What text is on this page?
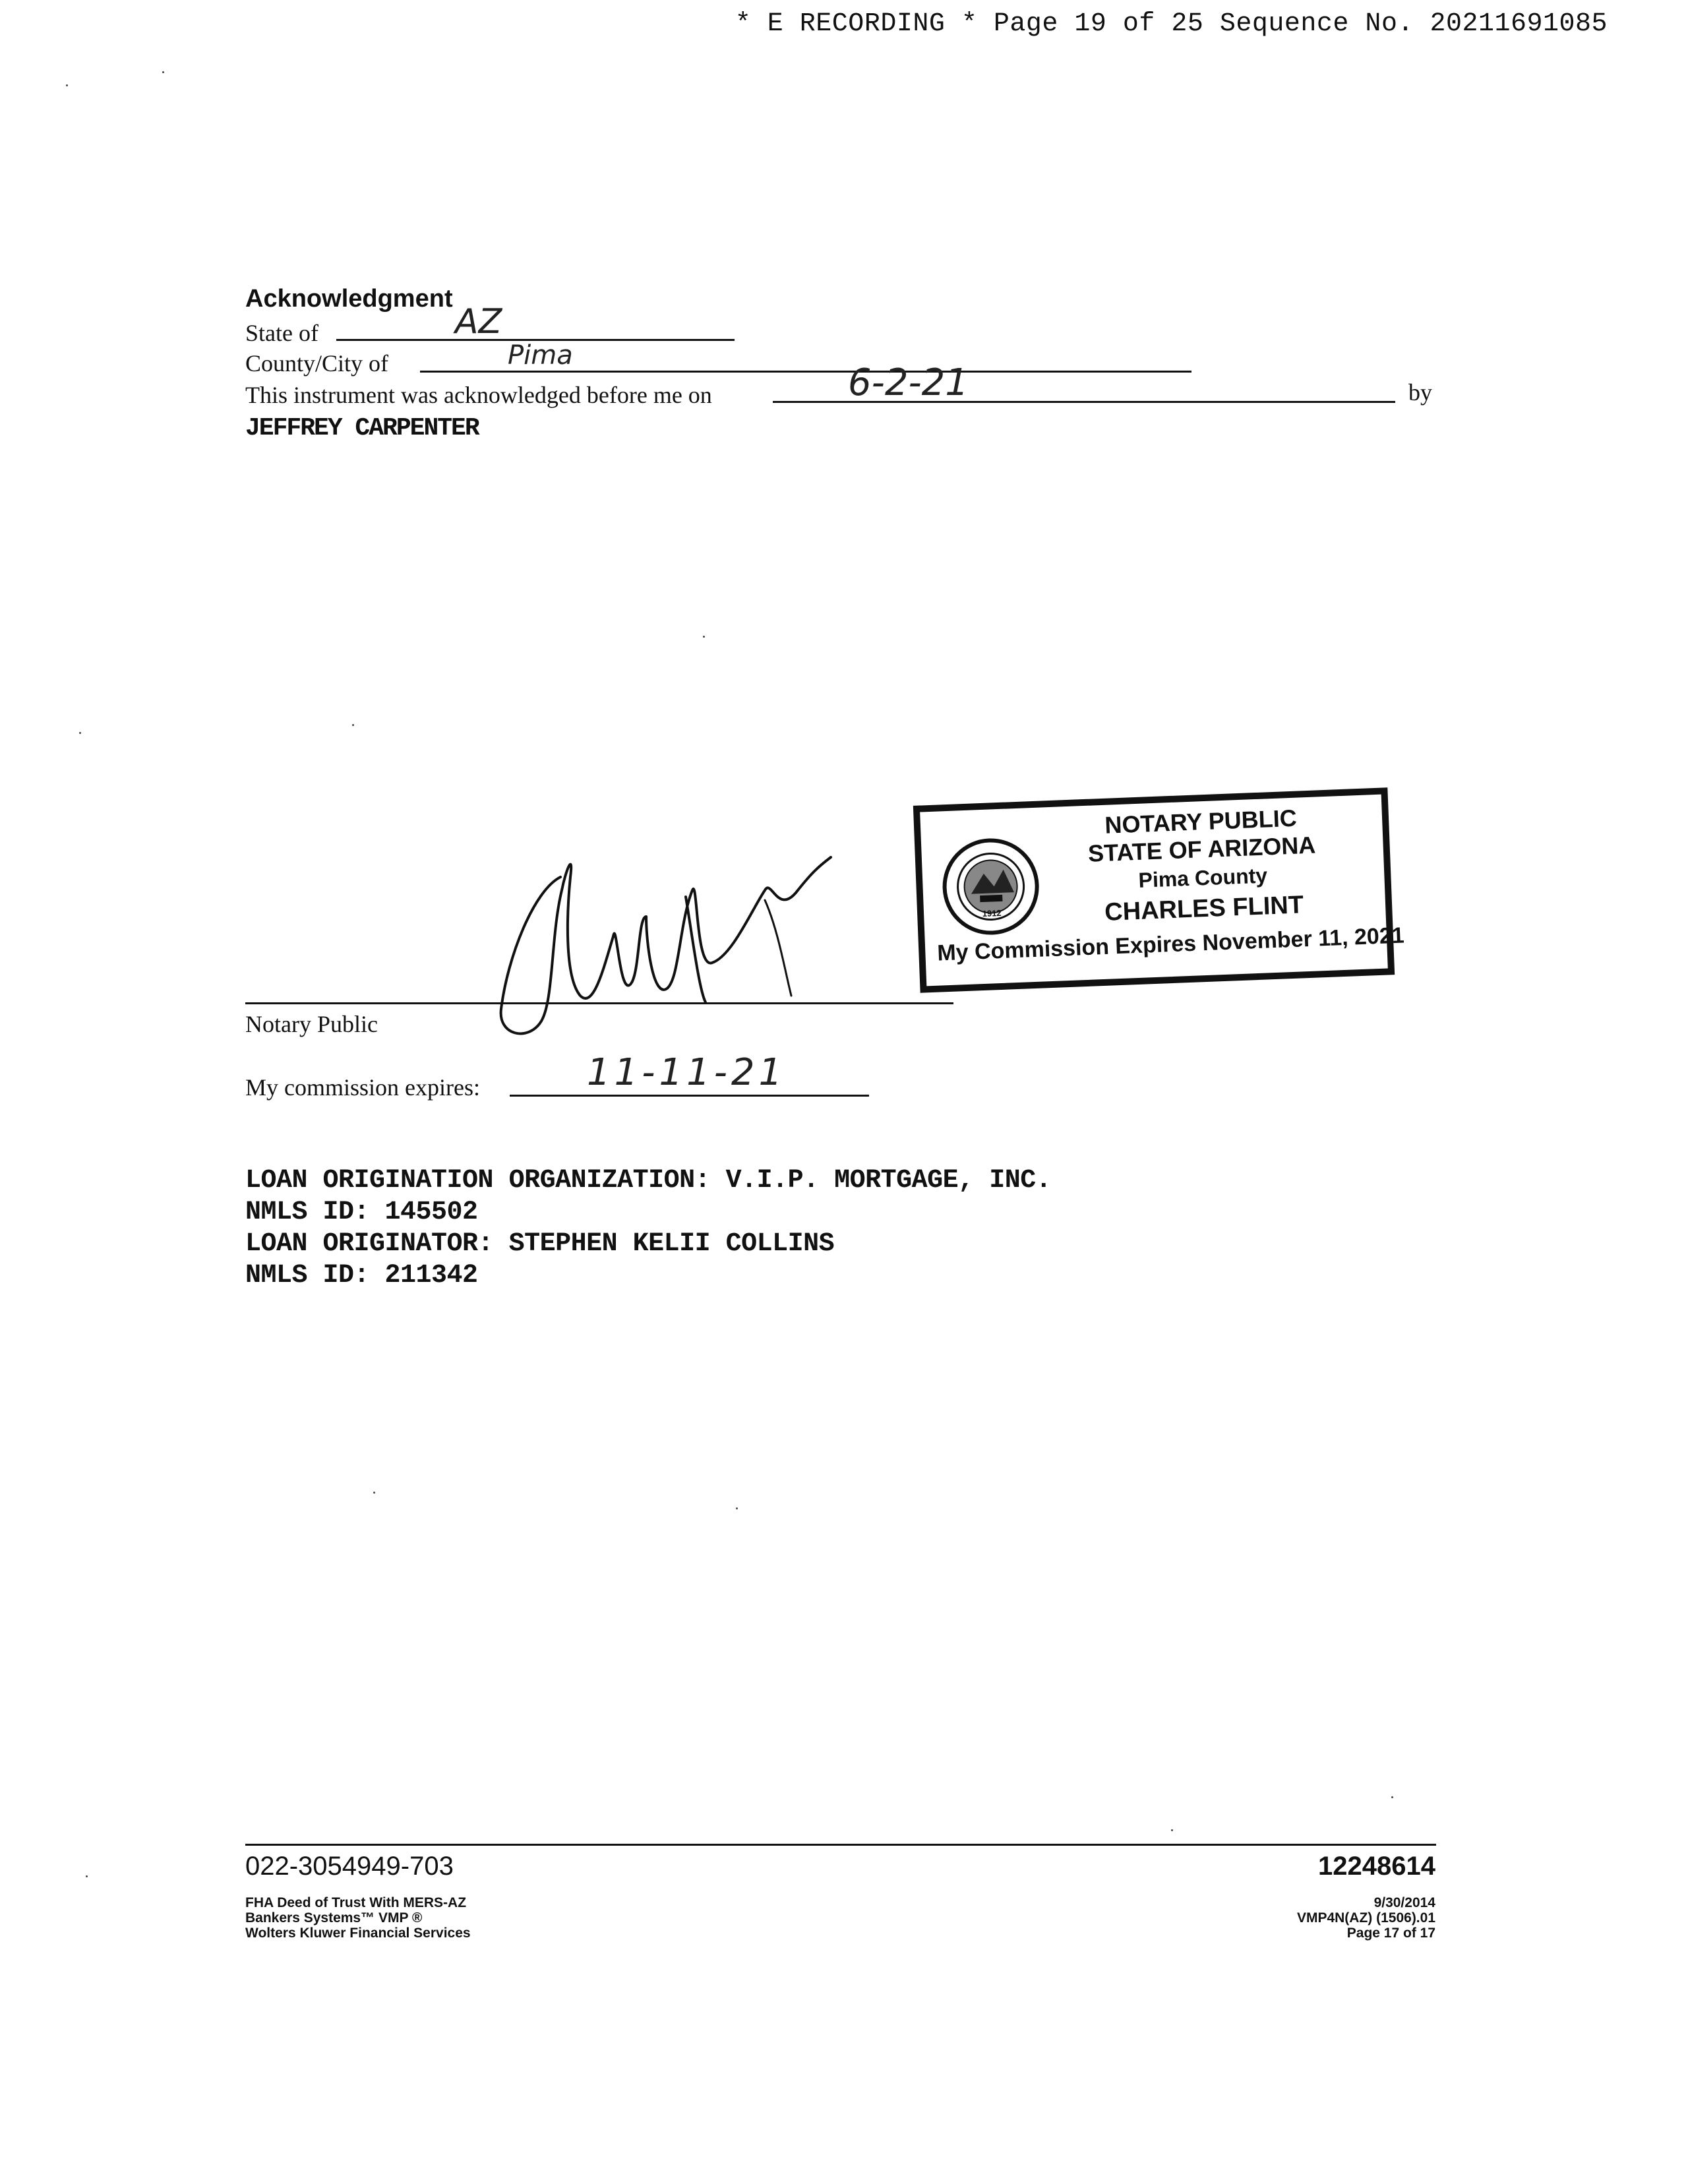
* E RECORDING * Page 19 of 25 Sequence No. 20211691085
Acknowledgment
State of	AZ
County/City of	Pima
This instrument was acknowledged before me on	6-2-21	by
JEFFREY CARPENTER
Notary Public
My commission expires:	11-11-21
1912
NOTARY PUBLIC
STATE OF ARIZONA
Pima County
CHARLES FLINT
My Commission Expires November 11, 2021
LOAN ORIGINATION ORGANIZATION: V.I.P. MORTGAGE, INC.
NMLS ID: 145502
LOAN ORIGINATOR: STEPHEN KELII COLLINS
NMLS ID: 211342
022-3054949-703	12248614
FHA Deed of Trust With MERS-AZ
Bankers Systems™ VMP ®
Wolters Kluwer Financial Services
9/30/2014
VMP4N(AZ) (1506).01
Page 17 of 17
